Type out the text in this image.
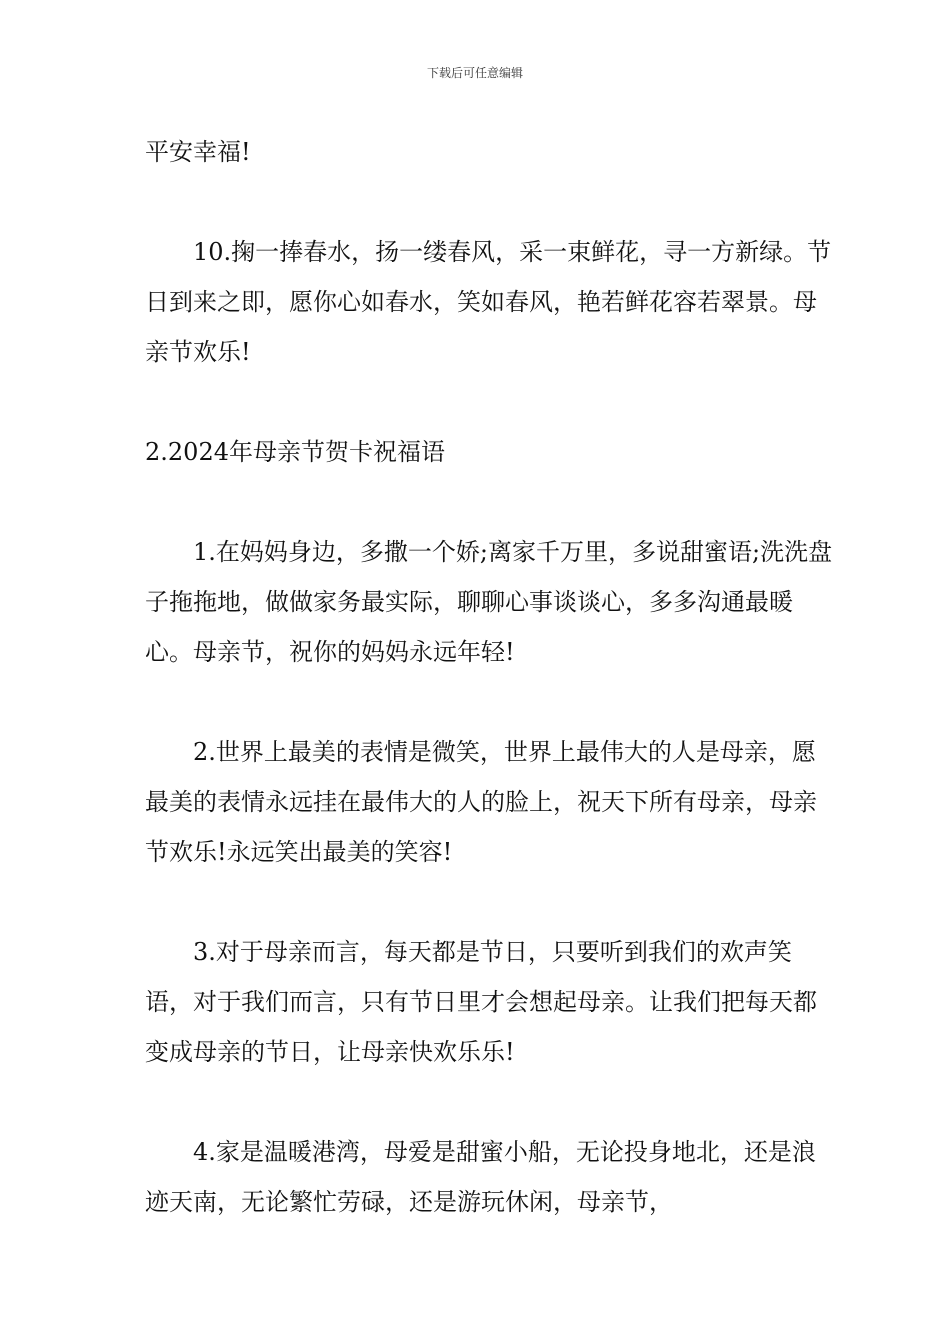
下载后可任意编辑

平安幸福!

10.掬一捧春水，扬一缕春风，采一束鲜花，寻一方新绿。节日到来之即，愿你心如春水，笑如春风，艳若鲜花容若翠景。母亲节欢乐!

2.2024年母亲节贺卡祝福语

1.在妈妈身边，多撒一个娇;离家千万里，多说甜蜜语;洗洗盘子拖拖地，做做家务最实际，聊聊心事谈谈心，多多沟通最暖心。母亲节，祝你的妈妈永远年轻!

2.世界上最美的表情是微笑，世界上最伟大的人是母亲，愿最美的表情永远挂在最伟大的人的脸上，祝天下所有母亲，母亲节欢乐!永远笑出最美的笑容!

3.对于母亲而言，每天都是节日，只要听到我们的欢声笑语，对于我们而言，只有节日里才会想起母亲。让我们把每天都变成母亲的节日，让母亲快欢乐乐!

4.家是温暖港湾，母爱是甜蜜小船，无论投身地北，还是浪迹天南，无论繁忙劳碌，还是游玩休闲，母亲节，
